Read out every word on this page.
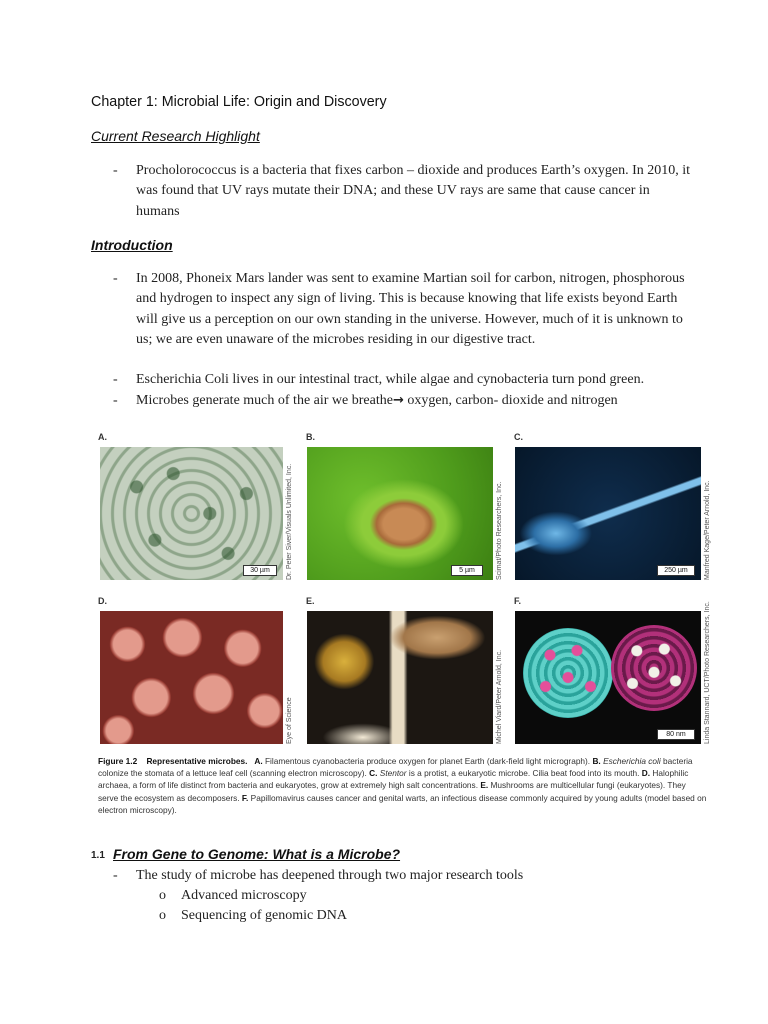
Chapter 1: Microbial Life: Origin and Discovery
Current Research Highlight
- Procholorococcus is a bacteria that fixes carbon – dioxide and produces Earth’s oxygen. In 2010, it was found that UV rays mutate their DNA; and these UV rays are same that cause cancer in humans
Introduction
- In 2008, Phoneix Mars lander was sent to examine Martian soil for carbon, nitrogen, phosphorous and hydrogen to inspect any sign of living. This is because knowing that life exists beyond Earth will give us a perception on our own standing in the universe. However, much of it is unknown to us; we are even unaware of the microbes residing in our digestive tract.
- Escherichia Coli lives in our intestinal tract, while algae and cynobacteria turn pond green.
- Microbes generate much of the air we breathe→ oxygen, carbon- dioxide and nitrogen
A.
30 µm	Dr. Peter Siver/Visuals Unlimited, Inc.
B.
5 µm	Scimat/Photo Researchers, Inc.
C.
250 µm	Manfred Kage/Peter Arnold, Inc.
D.
Eye of Science
E.
Michel Viard/Peter Arnold, Inc.
F.
80 nm	Linda Stannard, UCT/Photo Researchers, Inc.
Figure 1.2 Representative microbes. A. Filamentous cyanobacteria produce oxygen for planet Earth (dark-field light micrograph). B. Escherichia coli bacteria colonize the stomata of a lettuce leaf cell (scanning electron microscopy). C. Stentor is a protist, a eukaryotic microbe. Cilia beat food into its mouth. D. Halophilic archaea, a form of life distinct from bacteria and eukaryotes, grow at extremely high salt concentrations. E. Mushrooms are multicellular fungi (eukaryotes). They serve the ecosystem as decomposers. F. Papillomavirus causes cancer and genital warts, an infectious disease commonly acquired by young adults (model based on electron microscopy).
1.1 From Gene to Genome: What is a Microbe?
- The study of microbe has deepened through two major research tools
o Advanced microscopy
o Sequencing of genomic DNA
